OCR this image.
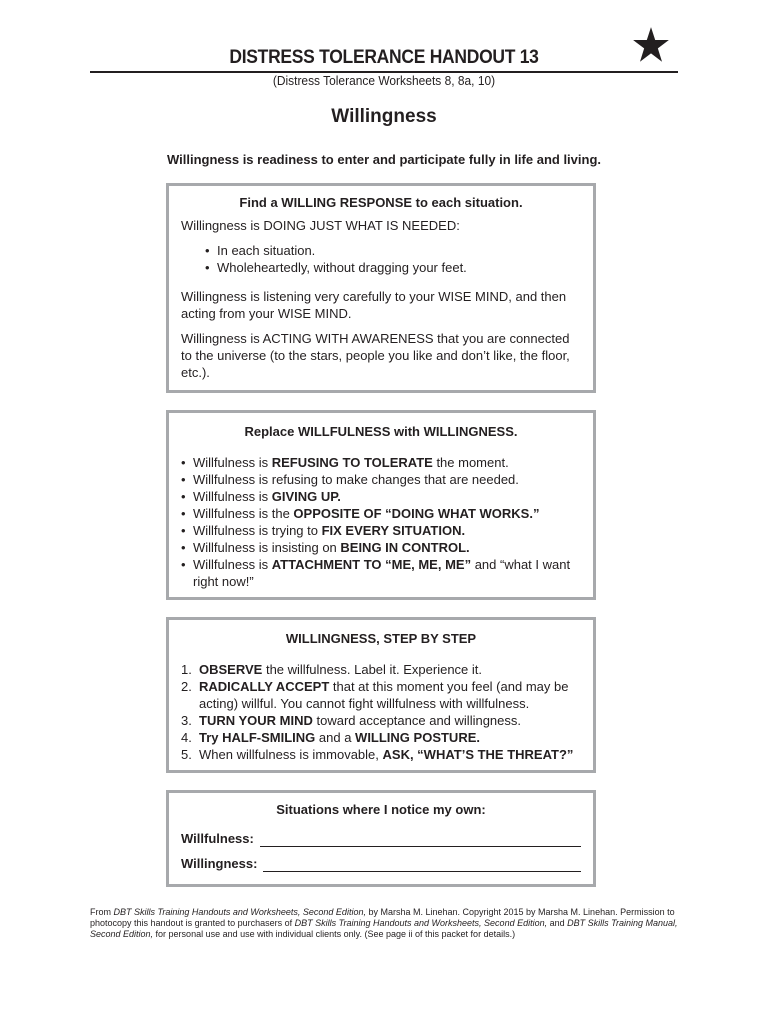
DISTRESS TOLERANCE HANDOUT 13
(Distress Tolerance Worksheets 8, 8a, 10)
Willingness
Willingness is readiness to enter and participate fully in life and living.
Find a WILLING RESPONSE to each situation.

Willingness is DOING JUST WHAT IS NEEDED:

• In each situation.
• Wholeheartedly, without dragging your feet.

Willingness is listening very carefully to your WISE MIND, and then acting from your WISE MIND.

Willingness is ACTING WITH AWARENESS that you are connected to the universe (to the stars, people you like and don’t like, the floor, etc.).

Replace WILLFULNESS with WILLINGNESS.
• Willfulness is REFUSING TO TOLERATE the moment.
• Willfulness is refusing to make changes that are needed.
• Willfulness is GIVING UP.
• Willfulness is the OPPOSITE OF “DOING WHAT WORKS.”
• Willfulness is trying to FIX EVERY SITUATION.
• Willfulness is insisting on BEING IN CONTROL.
• Willfulness is ATTACHMENT TO “ME, ME, ME” and “what I want right now!”
WILLINGNESS, STEP BY STEP
1. OBSERVE the willfulness. Label it. Experience it.
2. RADICALLY ACCEPT that at this moment you feel (and may be acting) willful. You cannot fight willfulness with willfulness.
3. TURN YOUR MIND toward acceptance and willingness.
4. Try HALF-SMILING and a WILLING POSTURE.
5. When willfulness is immovable, ASK, “WHAT’S THE THREAT?”
Situations where I notice my own:
Willfulness:
Willingness:
From DBT Skills Training Handouts and Worksheets, Second Edition, by Marsha M. Linehan. Copyright 2015 by Marsha M. Linehan. Permission to photocopy this handout is granted to purchasers of DBT Skills Training Handouts and Worksheets, Second Edition, and DBT Skills Training Manual, Second Edition, for personal use and use with individual clients only. (See page ii of this packet for details.)
